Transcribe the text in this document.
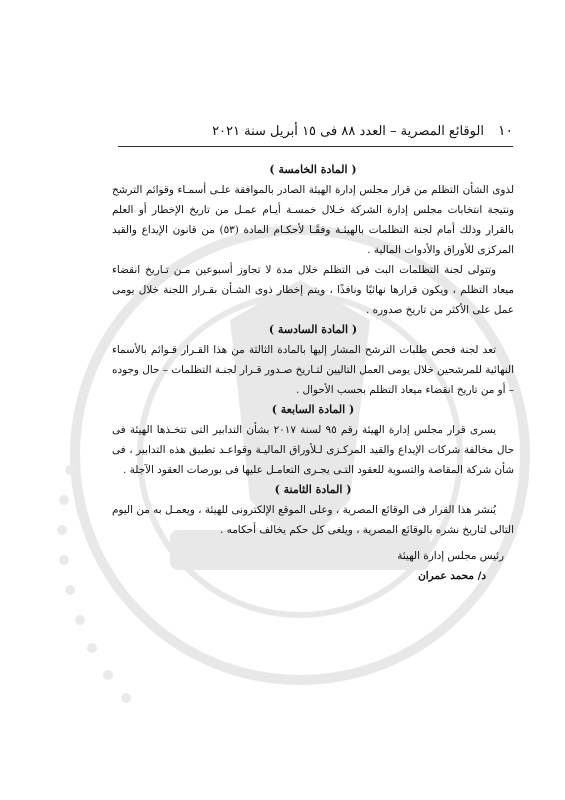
١٠
الوقائع المصرية – العدد ٨٨ فى ١٥ أبريل سنة ٢٠٢١

( المادة الخامسة )

لذوى الشأن التظلم من قرار مجلس إدارة الهيئة الصادر بالموافقة علـى أسمـاء وقوائم الترشح ونتيجة انتخابات مجلس إدارة الشركة خـلال خمسـة أيـام عمـل من تاريخ الإخطار أو العلم بالقرار وذلك أمام لجنة التظلمات بالهيئـة وفقًـا لأحكـام المادة (٥٣) من قانون الإيداع والقيد المركزى للأوراق والأدوات المالية .

وتتولى لجنة التظلمات البت فى التظلم خلال مدة لا تجاوز أسبوعين مـن تـاريخ انقضاء ميعاد التظلم ، ويكون قرارها نهائيًا ونافذًا ، ويتم إخطار ذوى الشـأن بقـرار اللجنة خلال يومى عمل على الأكثر من تاريخ صدوره .

( المادة السادسة )

تعد لجنة فحص طلبات الترشح المشار إليها بالمادة الثالثة من هذا القـرار قـوائم بالأسماء النهائية للمرشحين خلال يومى العمل التاليين لتـاريخ صـدور قـرار لجنـة التظلمات – حال وجوده – أو من تاريخ انقضاء ميعاد التظلم بحسب الأحوال .

( المادة السابعة )

يسرى قرار مجلس إدارة الهيئة رقم ٩٥ لسنة ٢٠١٧ بشأن التدابير التى تتخـذها الهيئة فى حال مخالفة شركات الإيداع والقيد المركـزى لـلأوراق الماليـة وقواعـد تطبيق هذه التدابير ، فى شأن شركة المقاصة والتسوية للعقود التـى يجـرى التعامـل عليها فى بورصات العقود الآجلة .

( المادة الثامنة )

يُنشر هذا القرار فى الوقائع المصرية ، وعلى الموقع الإلكترونى للهيئة ، ويعمـل به من اليوم التالى لتاريخ نشره بالوقائع المصرية ، ويلغى كل حكم يخالف أحكامه .

رئيس مجلس إدارة الهيئة
د/ محمد عمران
